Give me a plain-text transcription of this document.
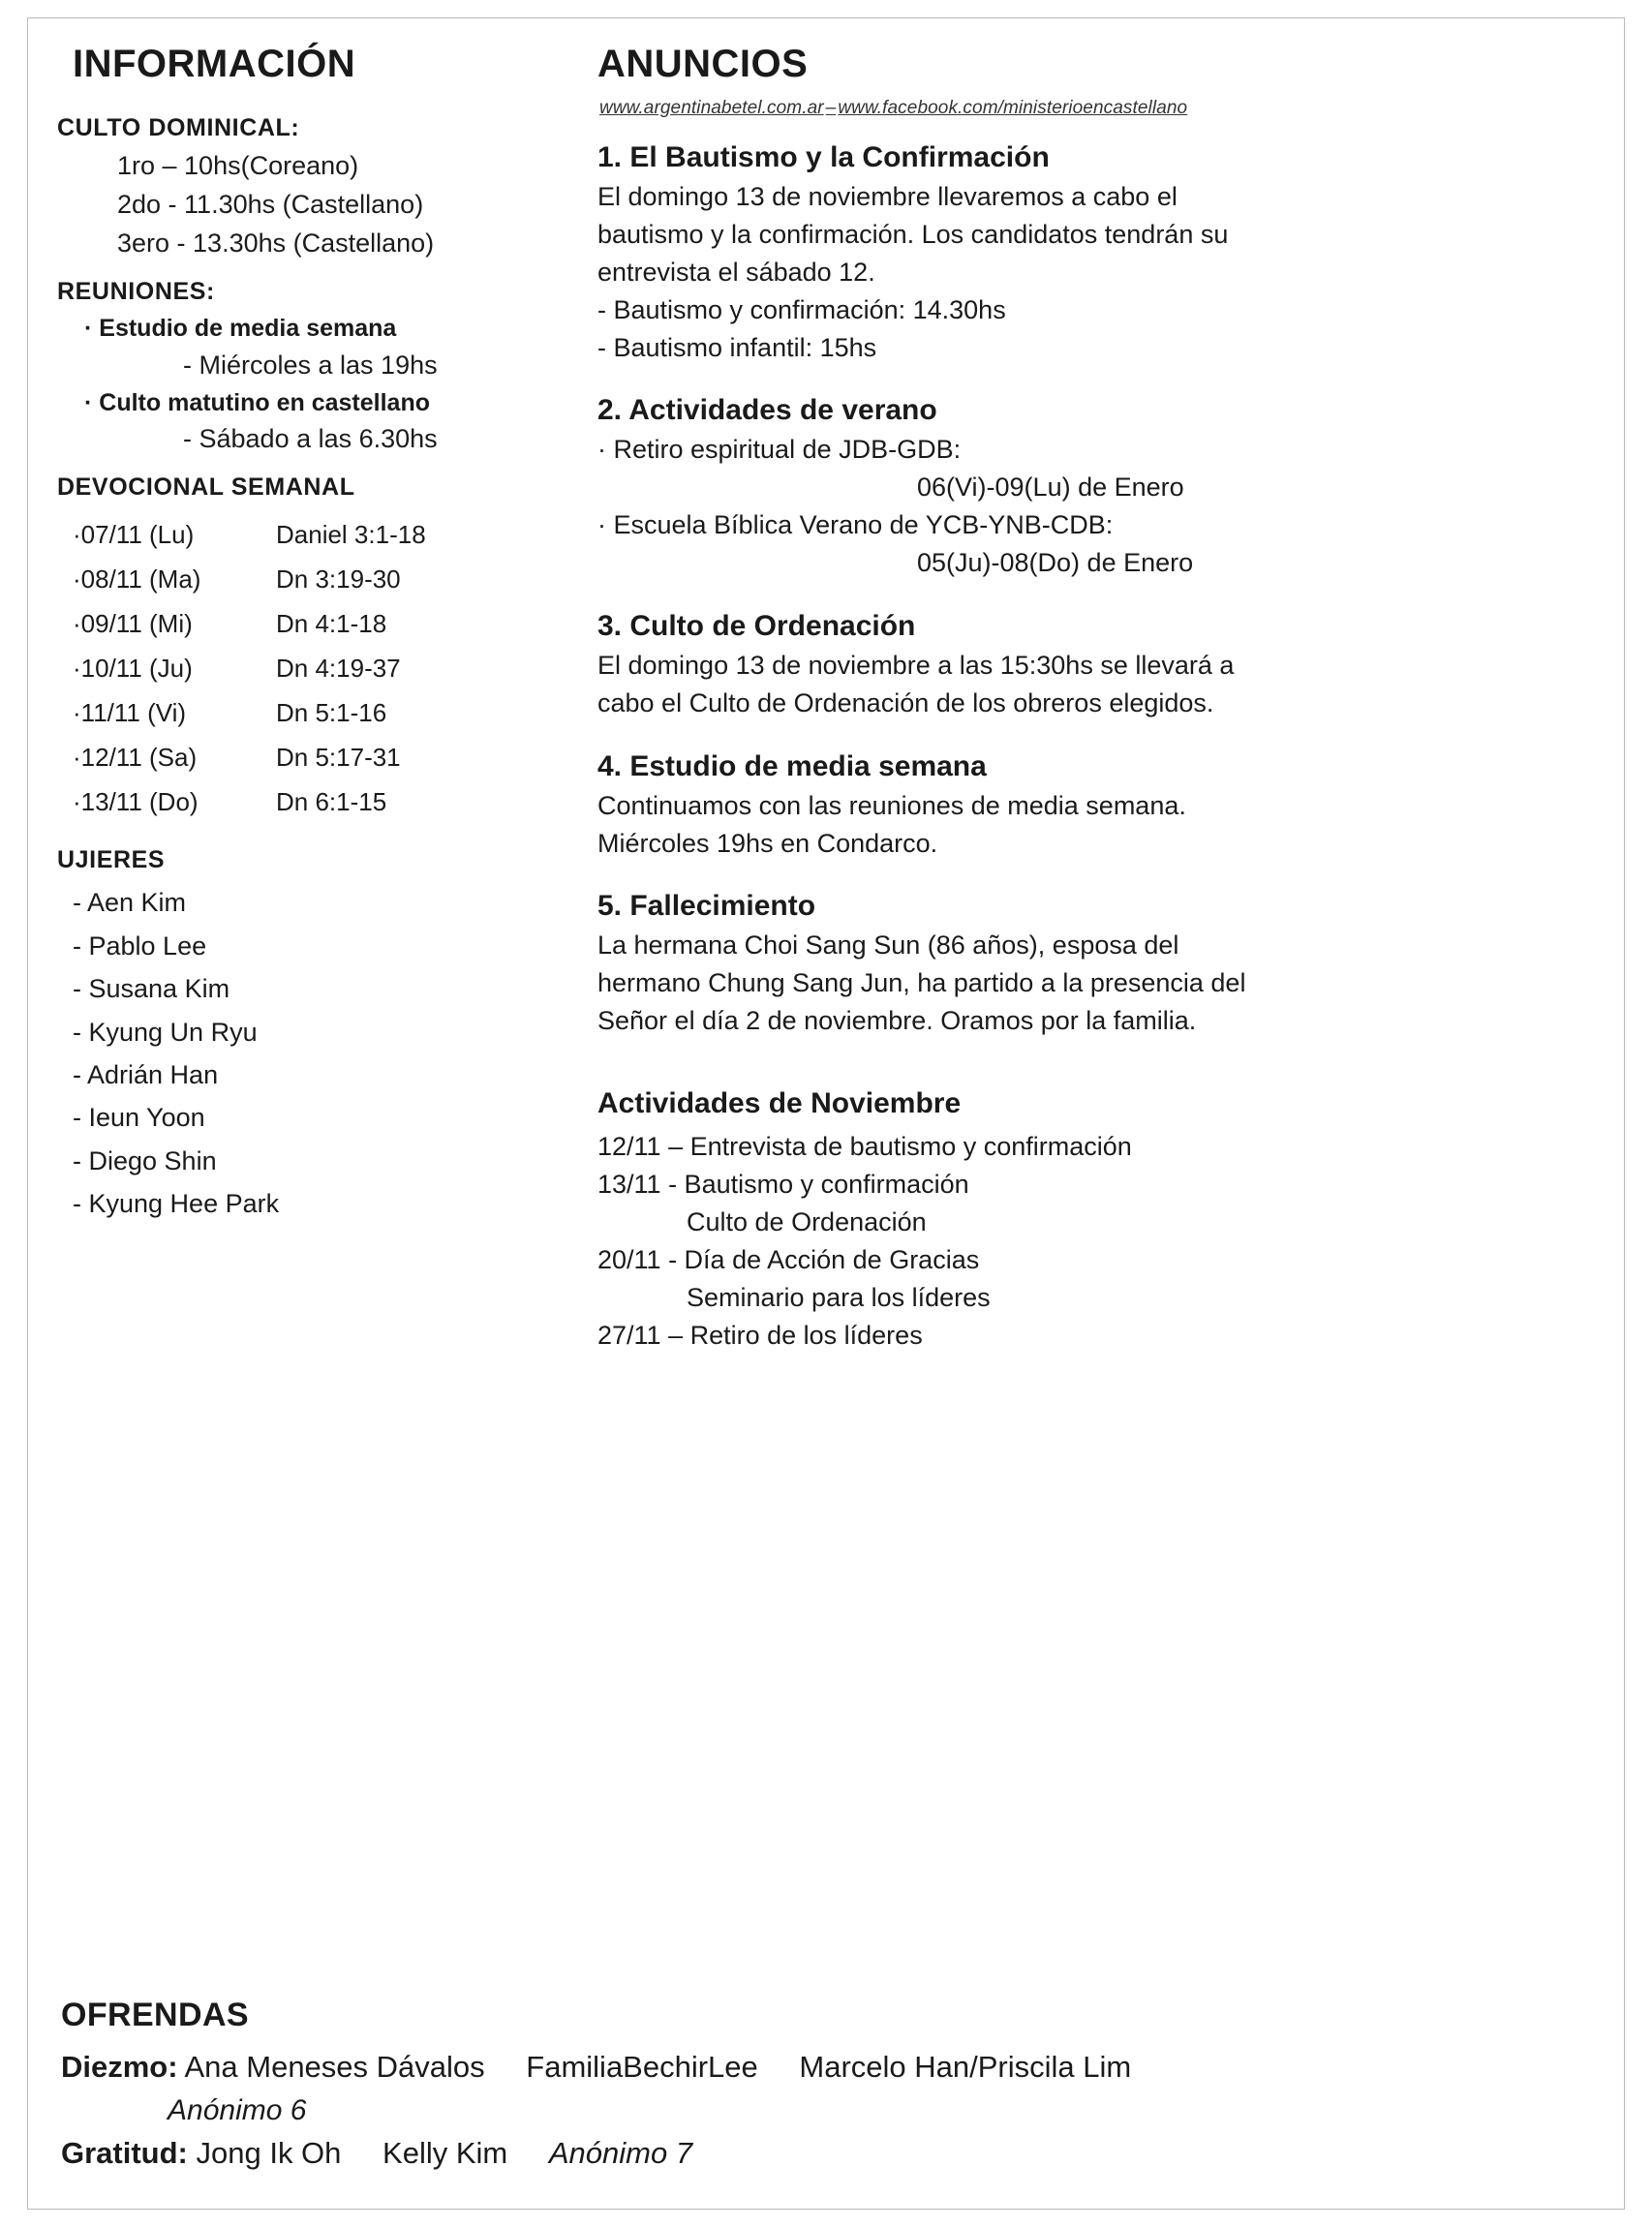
INFORMACIÓN
CULTO DOMINICAL:
1ro – 10hs(Coreano)
2do - 11.30hs (Castellano)
3ero - 13.30hs (Castellano)
REUNIONES:
· Estudio de media semana
- Miércoles a las 19hs
· Culto matutino en castellano
- Sábado a las 6.30hs
DEVOCIONAL SEMANAL
·07/11 (Lu)	Daniel 3:1-18
·08/11 (Ma)	Dn 3:19-30
·09/11 (Mi)	Dn 4:1-18
·10/11 (Ju)	Dn 4:19-37
·11/11 (Vi)	Dn 5:1-16
·12/11 (Sa)	Dn 5:17-31
·13/11 (Do)	Dn 6:1-15
UJIERES
- Aen Kim
- Pablo Lee
- Susana Kim
- Kyung Un Ryu
- Adrián Han
- Ieun Yoon
- Diego Shin
- Kyung Hee Park
ANUNCIOS
www.argentinabetel.com.ar – www.facebook.com/ministerioencastellano
1. El Bautismo y la Confirmación
El domingo 13 de noviembre llevaremos a cabo el
bautismo y la confirmación. Los candidatos tendrán su
entrevista el sábado 12.
- Bautismo y confirmación: 14.30hs
- Bautismo infantil: 15hs
2. Actividades de verano
· Retiro espiritual de JDB-GDB:
06(Vi)-09(Lu) de Enero
· Escuela Bíblica Verano de YCB-YNB-CDB:
05(Ju)-08(Do) de Enero
3. Culto de Ordenación
El domingo 13 de noviembre a las 15:30hs se llevará a
cabo el Culto de Ordenación de los obreros elegidos.
4. Estudio de media semana
Continuamos con las reuniones de media semana.
Miércoles 19hs en Condarco.
5. Fallecimiento
La hermana Choi Sang Sun (86 años), esposa del
hermano Chung Sang Jun, ha partido a la presencia del
Señor el día 2 de noviembre. Oramos por la familia.
Actividades de Noviembre
12/11 – Entrevista de bautismo y confirmación
13/11 - Bautismo y confirmación
Culto de Ordenación
20/11 - Día de Acción de Gracias
Seminario para los líderes
27/11 – Retiro de los líderes
OFRENDAS
Diezmo: Ana Meneses Dávalos FamiliaBechirLee Marcelo Han/Priscila Lim
Anónimo 6
Gratitud: Jong Ik Oh Kelly Kim Anónimo 7
